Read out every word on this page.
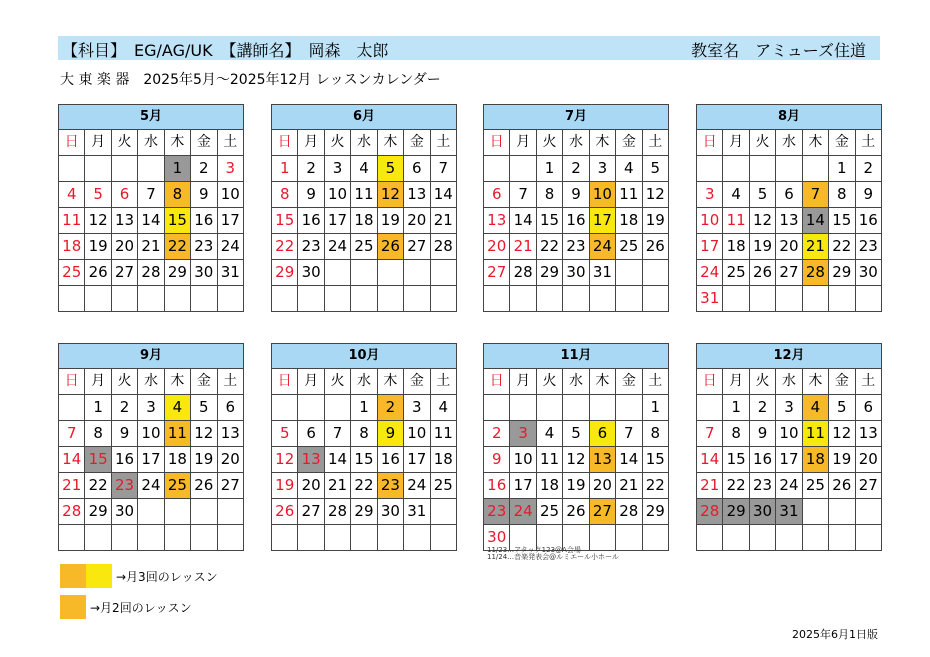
【科目】　EG/AG/UK　【講師名】　岡森　太郎	教室名　アミューズ住道
大 東 楽 器　2025年5月～2025年12月 レッスンカレンダー
5月						
日	月	火	水	木	金	土
				1	2	3
4	5	6	7	8	9	10
11	12	13	14	15	16	17
18	19	20	21	22	23	24
25	26	27	28	29	30	31

6月						
日	月	火	水	木	金	土
1	2	3	4	5	6	7
8	9	10	11	12	13	14
15	16	17	18	19	20	21
22	23	24	25	26	27	28
29	30					

7月						
日	月	火	水	木	金	土
		1	2	3	4	5
6	7	8	9	10	11	12
13	14	15	16	17	18	19
20	21	22	23	24	25	26
27	28	29	30	31		

8月						
日	月	火	水	木	金	土
					1	2
3	4	5	6	7	8	9
10	11	12	13	14	15	16
17	18	19	20	21	22	23
24	25	26	27	28	29	30
31						
9月						
日	月	火	水	木	金	土
	1	2	3	4	5	6
7	8	9	10	11	12	13
14	15	16	17	18	19	20
21	22	23	24	25	26	27
28	29	30				

10月						
日	月	火	水	木	金	土
			1	2	3	4
5	6	7	8	9	10	11
12	13	14	15	16	17	18
19	20	21	22	23	24	25
26	27	28	29	30	31	

11月						
日	月	火	水	木	金	土
						1
2	3	4	5	6	7	8
9	10	11	12	13	14	15
16	17	18	19	20	21	22
23	24	25	26	27	28	29
30						
12月						
日	月	火	水	木	金	土
	1	2	3	4	5	6
7	8	9	10	11	12	13
14	15	16	17	18	19	20
21	22	23	24	25	26	27
28	29	30	31			

11/23…アタック123@A会場
11/24…音楽発表会@ルミエール小ホール
→月3回のレッスン
→月2回のレッスン
2025年6月1日版
